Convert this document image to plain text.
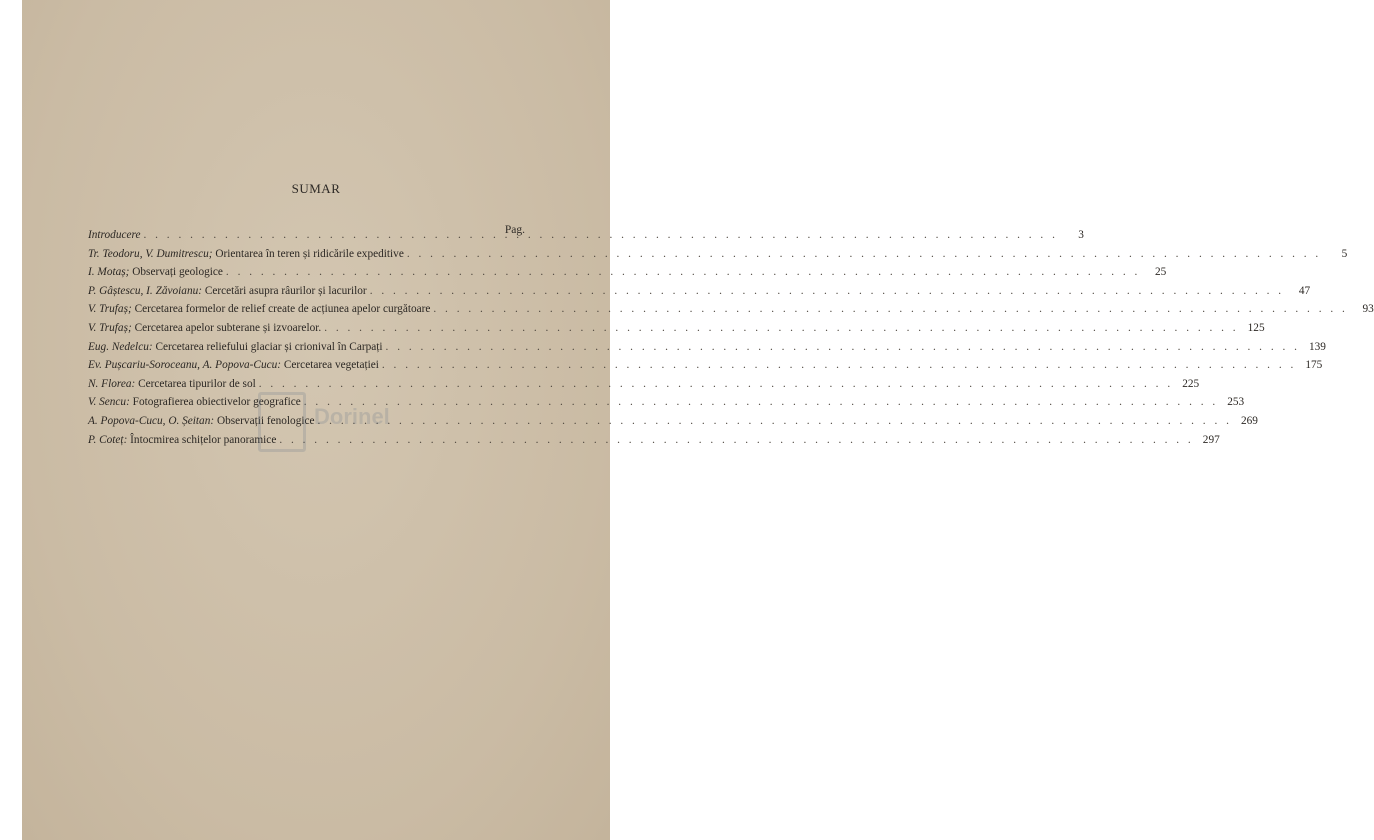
SUMAR
Pag.
Introducere . . .	3
Tr. Teodoru, V. Dumitrescu; Orientarea în teren și ridicările expeditive . . .	5
I. Motaș; Observați geologice . . .	25
P. Gâștescu, I. Zăvoianu: Cercetări asupra râurilor și lacurilor . . .	47
V. Trufaș; Cercetarea formelor de relief create de acțiunea apelor curgătoare . . .	93
V. Trufaș; Cercetarea apelor subterane și izvoarelor. . . .	125
Eug. Nedelcu: Cercetarea reliefului glaciar și crionival în Carpați . . .	139
Ev. Pușcariu-Soroceanu, A. Popova-Cucu: Cercetarea vegetației . . .	175
N. Florea: Cercetarea tipurilor de sol . . .	225
V. Sencu: Fotografierea obiectivelor geografice . . .	253
A. Popova-Cucu, O. Șeitan: Observații fenologice . . .	269
P. Coteț: Întocmirea schițelor panoramice . . .	297
Dorinel
